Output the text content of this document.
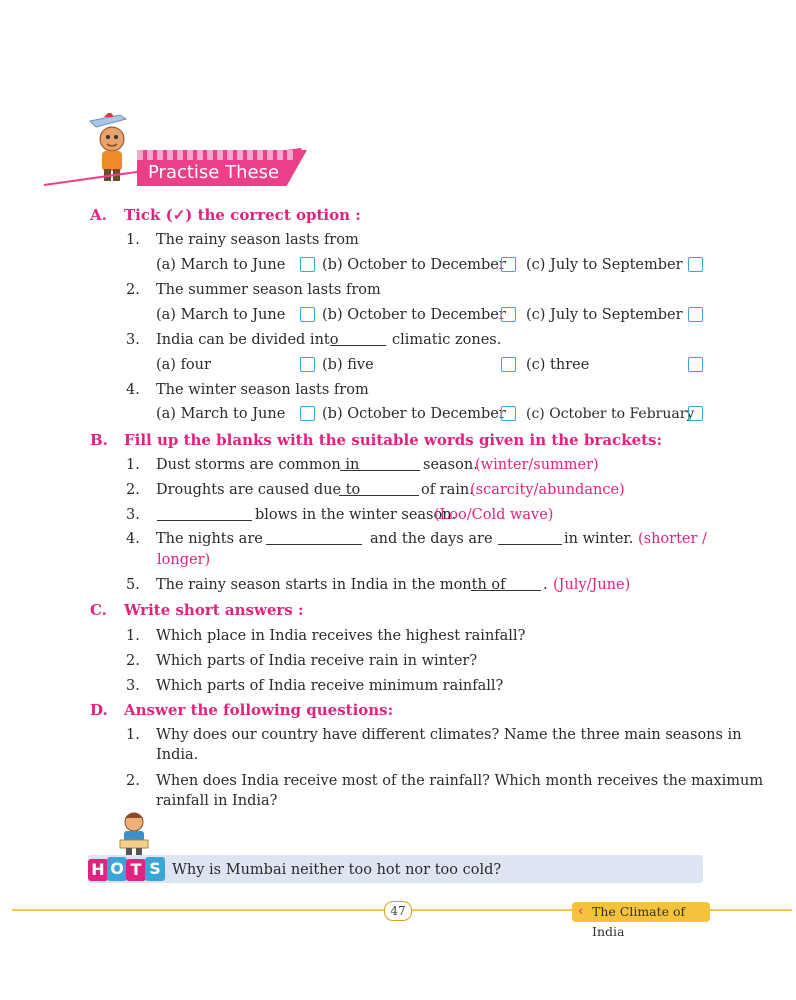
Practise These
A. Tick (✓) the correct option :
1. The rainy season lasts from
(a) March to June	(b) October to December (c) July to September
2. The summer season lasts from
(a) March to June	(b) October to December (c) July to September
3. India can be divided into	climatic zones.
(a) four	(b) five	(c) three
4. The winter season lasts from
(a) March to June	(b) October to December (c) October to February
B. Fill up the blanks with the suitable words given in the brackets:
1. Dust storms are common in	season.
(winter/summer)
2. Droughts are caused due to	of rain.
(scarcity/abundance)
3.	blows in the winter season.
(Loo/Cold wave)
4. The nights are	and the days are	in winter. (shorter /
longer)
5. The rainy season starts in India in the month of	. (July/June)
C. Write short answers :
1. Which place in India receives the highest rainfall?
2. Which parts of India receive rain in winter?
3. Which parts of India receive minimum rainfall?
D. Answer the following questions:
1. Why does our country have different climates? Name the three main seasons in
India.
2. When does India receive most of the rainfall? Which month receives the maximum
rainfall in India?
H O T S Why is Mumbai neither too hot nor too cold?
47	‹ The Climate of India
